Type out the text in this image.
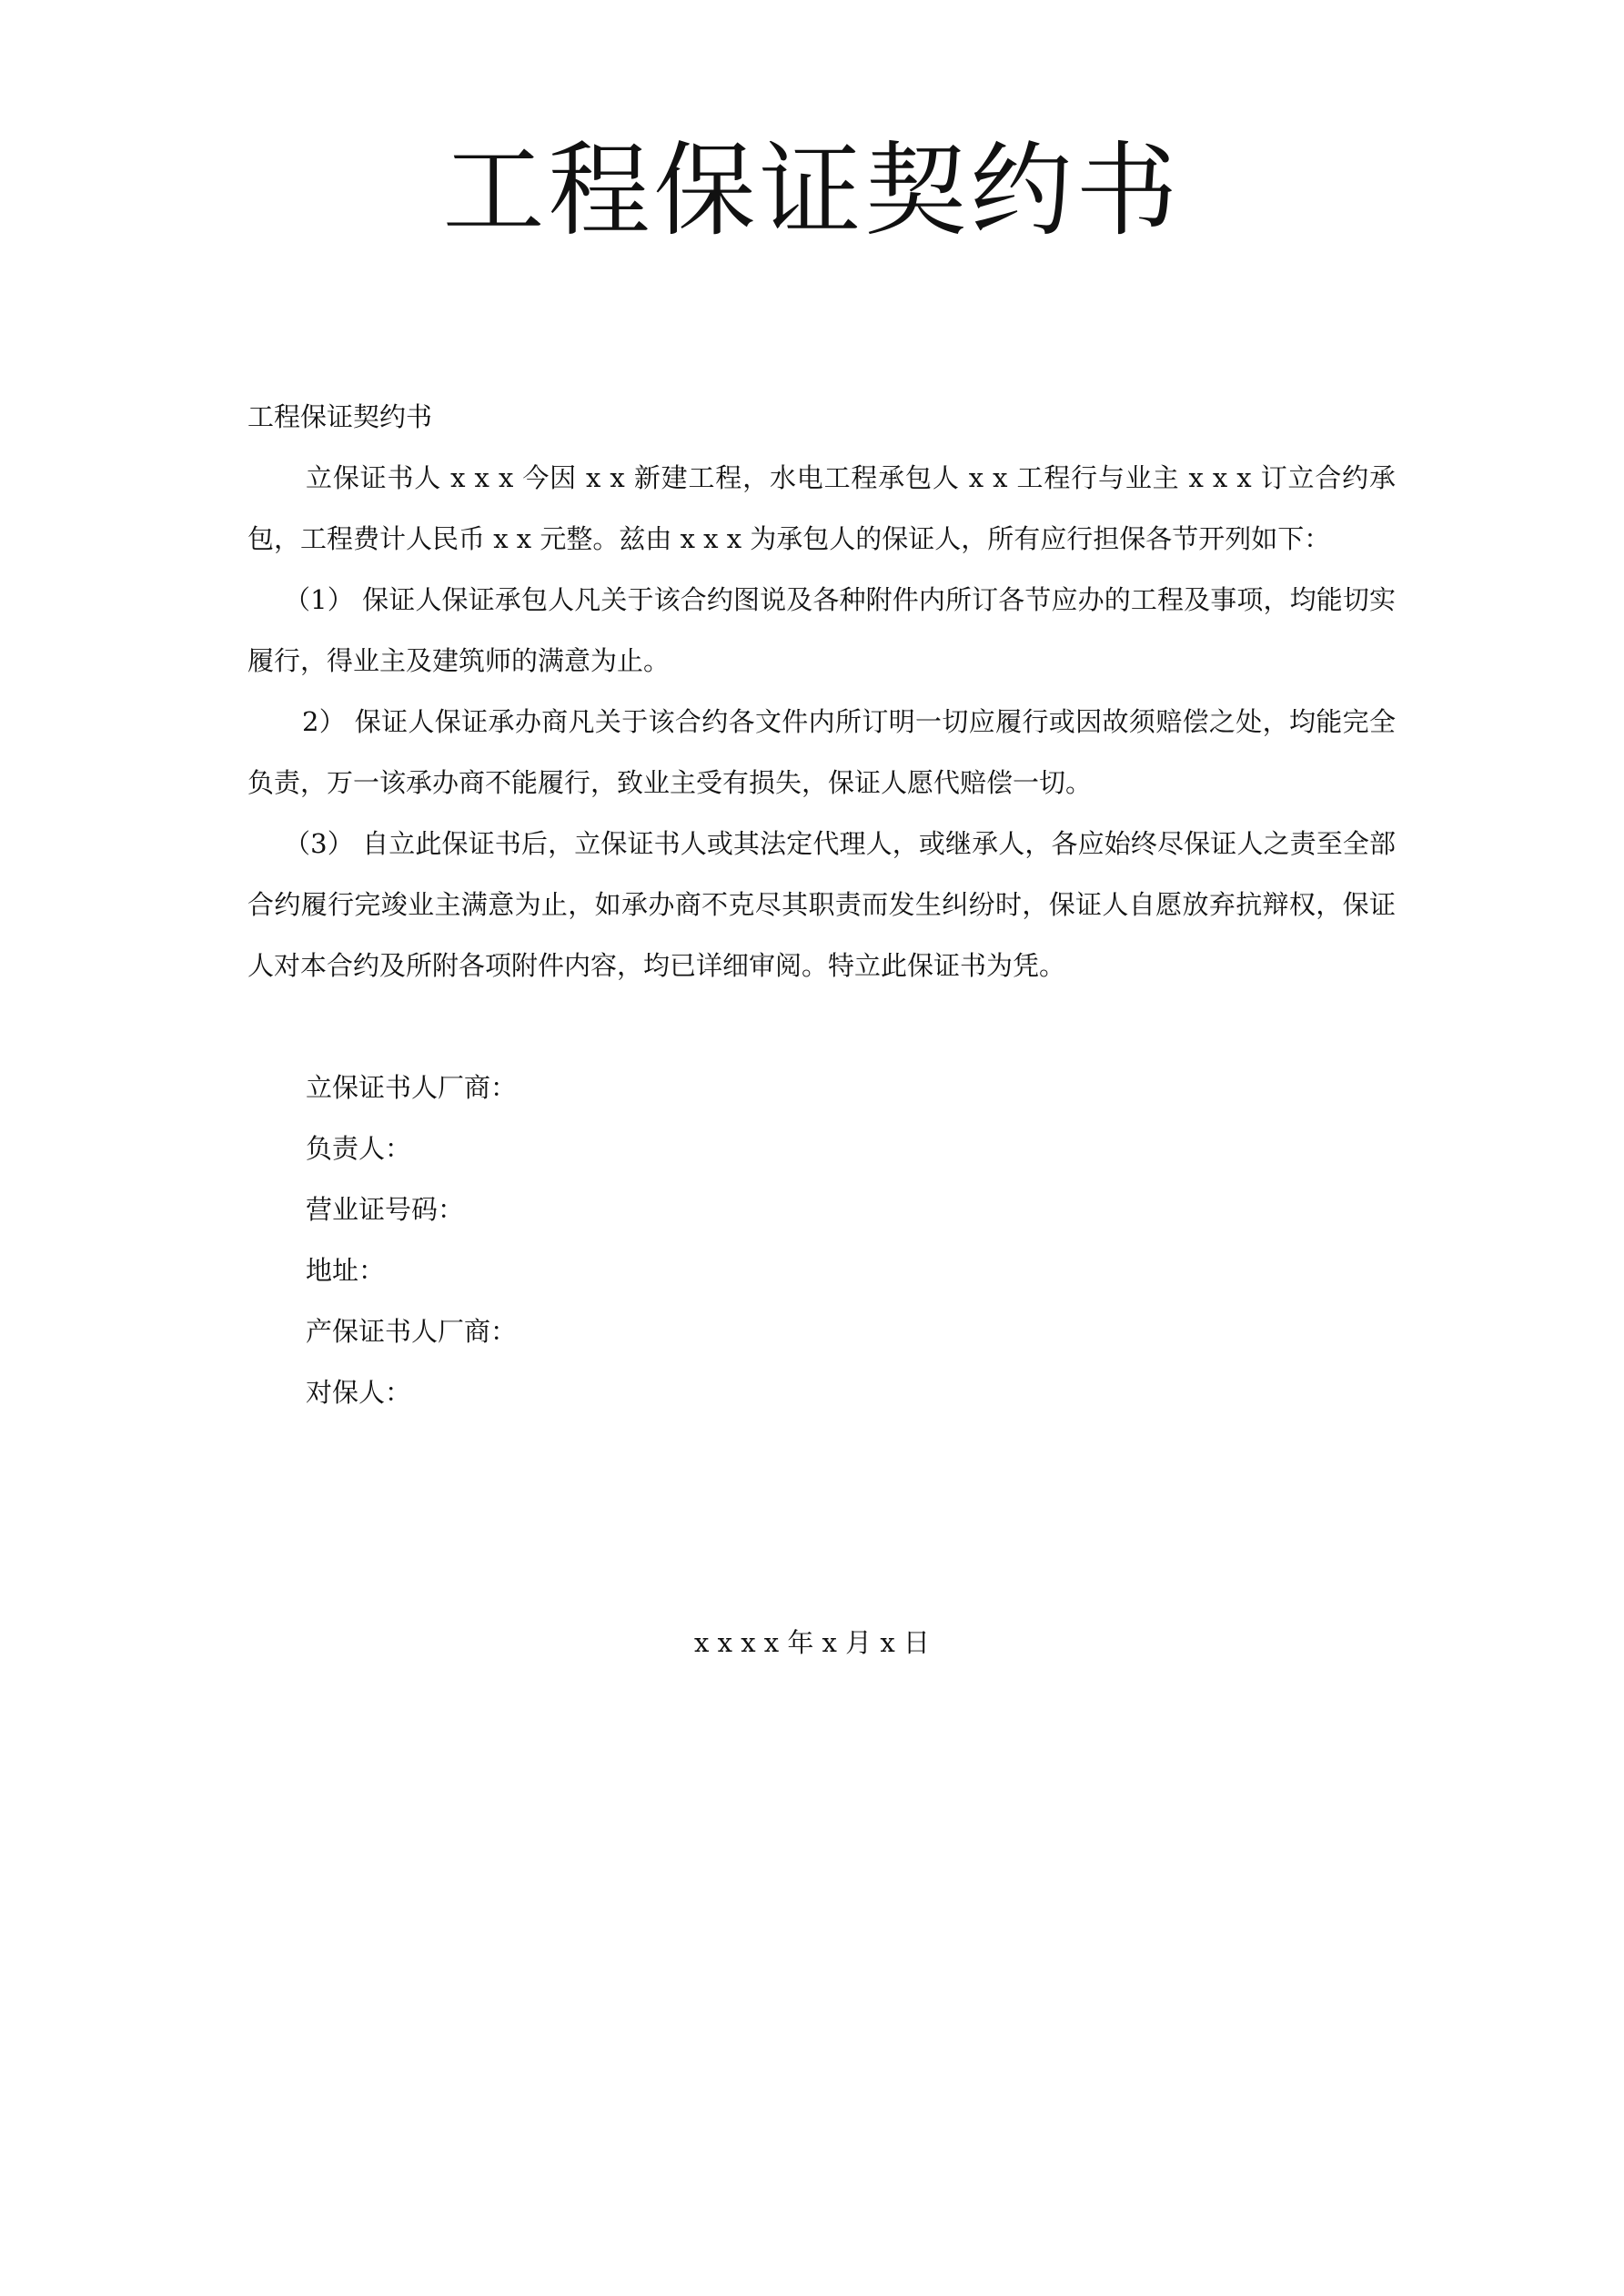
工程保证契约书

工程保证契约书

立保证书人 x x x 今因 x x 新建工程，水电工程承包人 x x 工程行与业主 x x x 订立合约承包，工程费计人民币 x x 元整。兹由 x x x 为承包人的保证人，所有应行担保各节开列如下：

（1） 保证人保证承包人凡关于该合约图说及各种附件内所订各节应办的工程及事项，均能切实履行，得业主及建筑师的满意为止。

2） 保证人保证承办商凡关于该合约各文件内所订明一切应履行或因故须赔偿之处，均能完全负责，万一该承办商不能履行，致业主受有损失，保证人愿代赔偿一切。

（3） 自立此保证书后，立保证书人或其法定代理人，或继承人，各应始终尽保证人之责至全部合约履行完竣业主满意为止，如承办商不克尽其职责而发生纠纷时，保证人自愿放弃抗辩权，保证人对本合约及所附各项附件内容，均已详细审阅。特立此保证书为凭。

立保证书人厂商：
负责人：
营业证号码：
地址：
产保证书人厂商：
对保人：
x x x x 年 x 月 x 日
